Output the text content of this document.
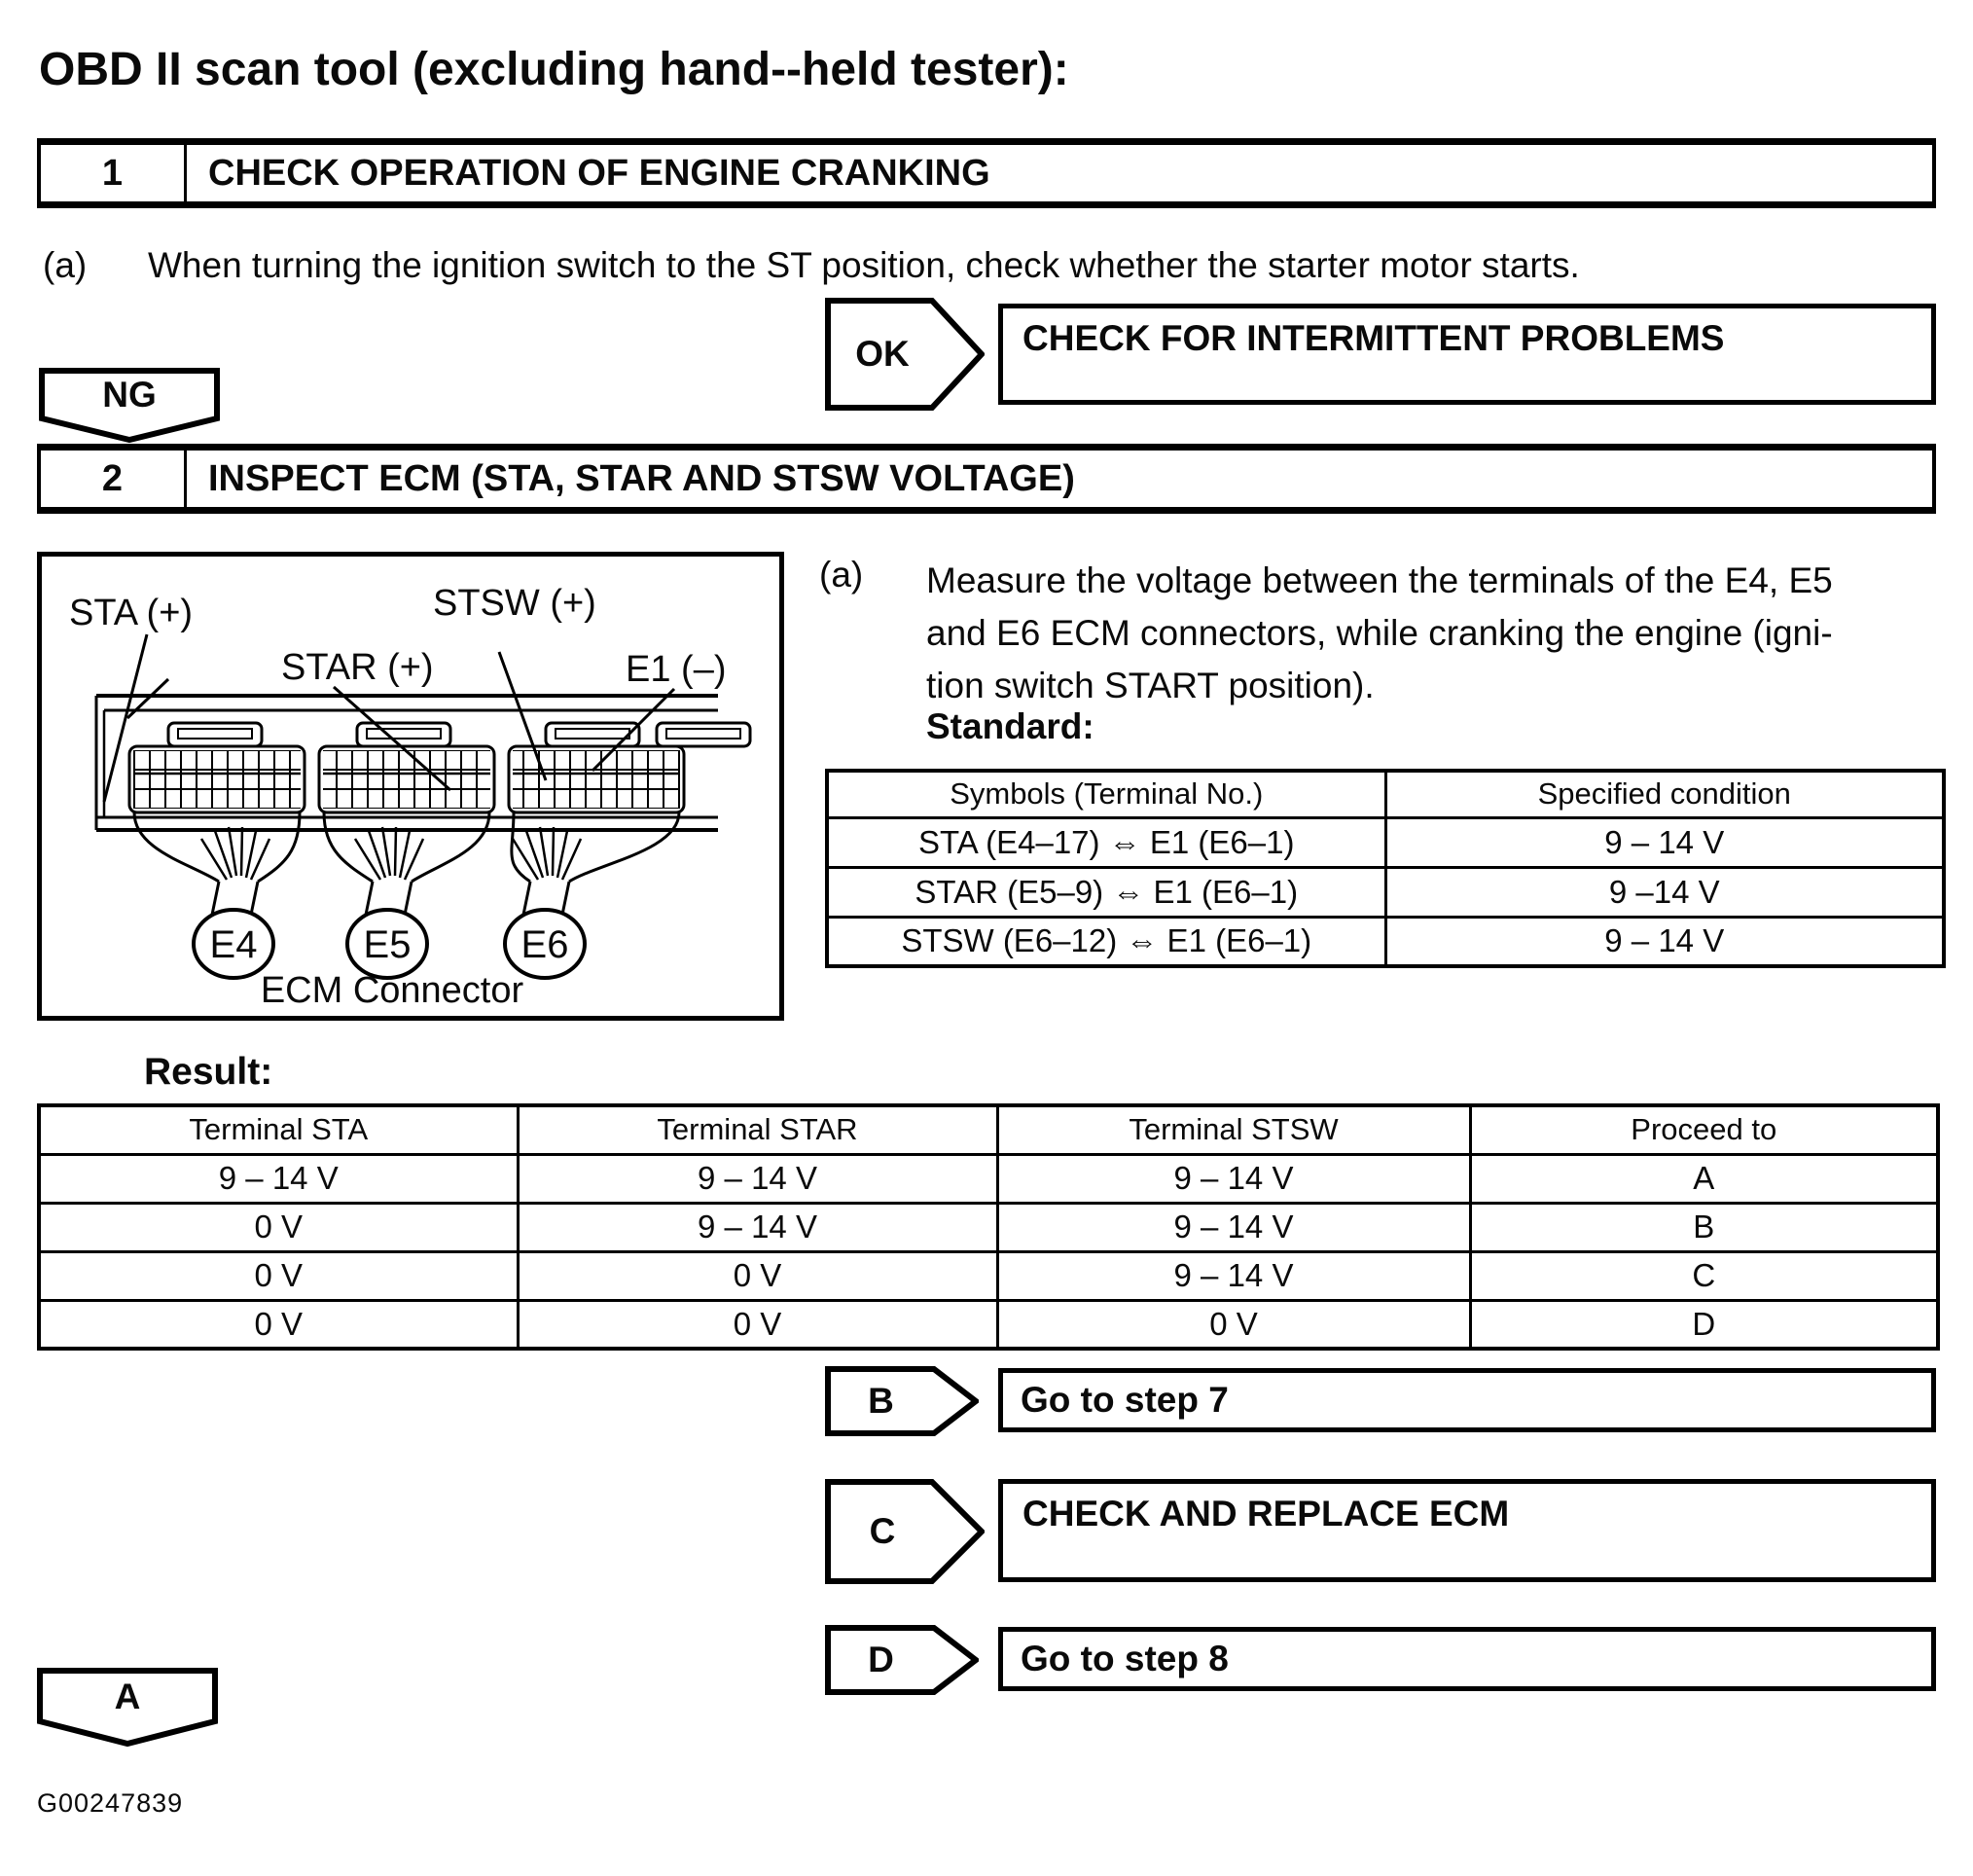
OBD II scan tool (excluding hand--held tester):
1	CHECK OPERATION OF ENGINE CRANKING
(a) When turning the ignition switch to the ST position, check whether the starter motor starts.
OK	CHECK FOR INTERMITTENT PROBLEMS
NG
2	INSPECT ECM (STA, STAR AND STSW VOLTAGE)
STA (+)	STSW (+)
STAR (+)	E1 (–)
E4	E5	E6
ECM Connector
(a) Measure the voltage between the terminals of the E4, E5
and E6 ECM connectors, while cranking the engine (igni-
tion switch START position).
Standard:
Symbols (Terminal No.)	Specified condition
STA (E4–17) ⇔ E1 (E6–1)	9 – 14 V
STAR (E5–9) ⇔ E1 (E6–1)	9 –14 V
STSW (E6–12) ⇔ E1 (E6–1)	9 – 14 V
Result:
Terminal STA	Terminal STAR	Terminal STSW	Proceed to
9 – 14 V	9 – 14 V	9 – 14 V	A
0 V	9 – 14 V	9 – 14 V	B
0 V	0 V	9 – 14 V	C
0 V	0 V	0 V	D
B	Go to step 7
C	CHECK AND REPLACE ECM
D	Go to step 8
A
G00247839
